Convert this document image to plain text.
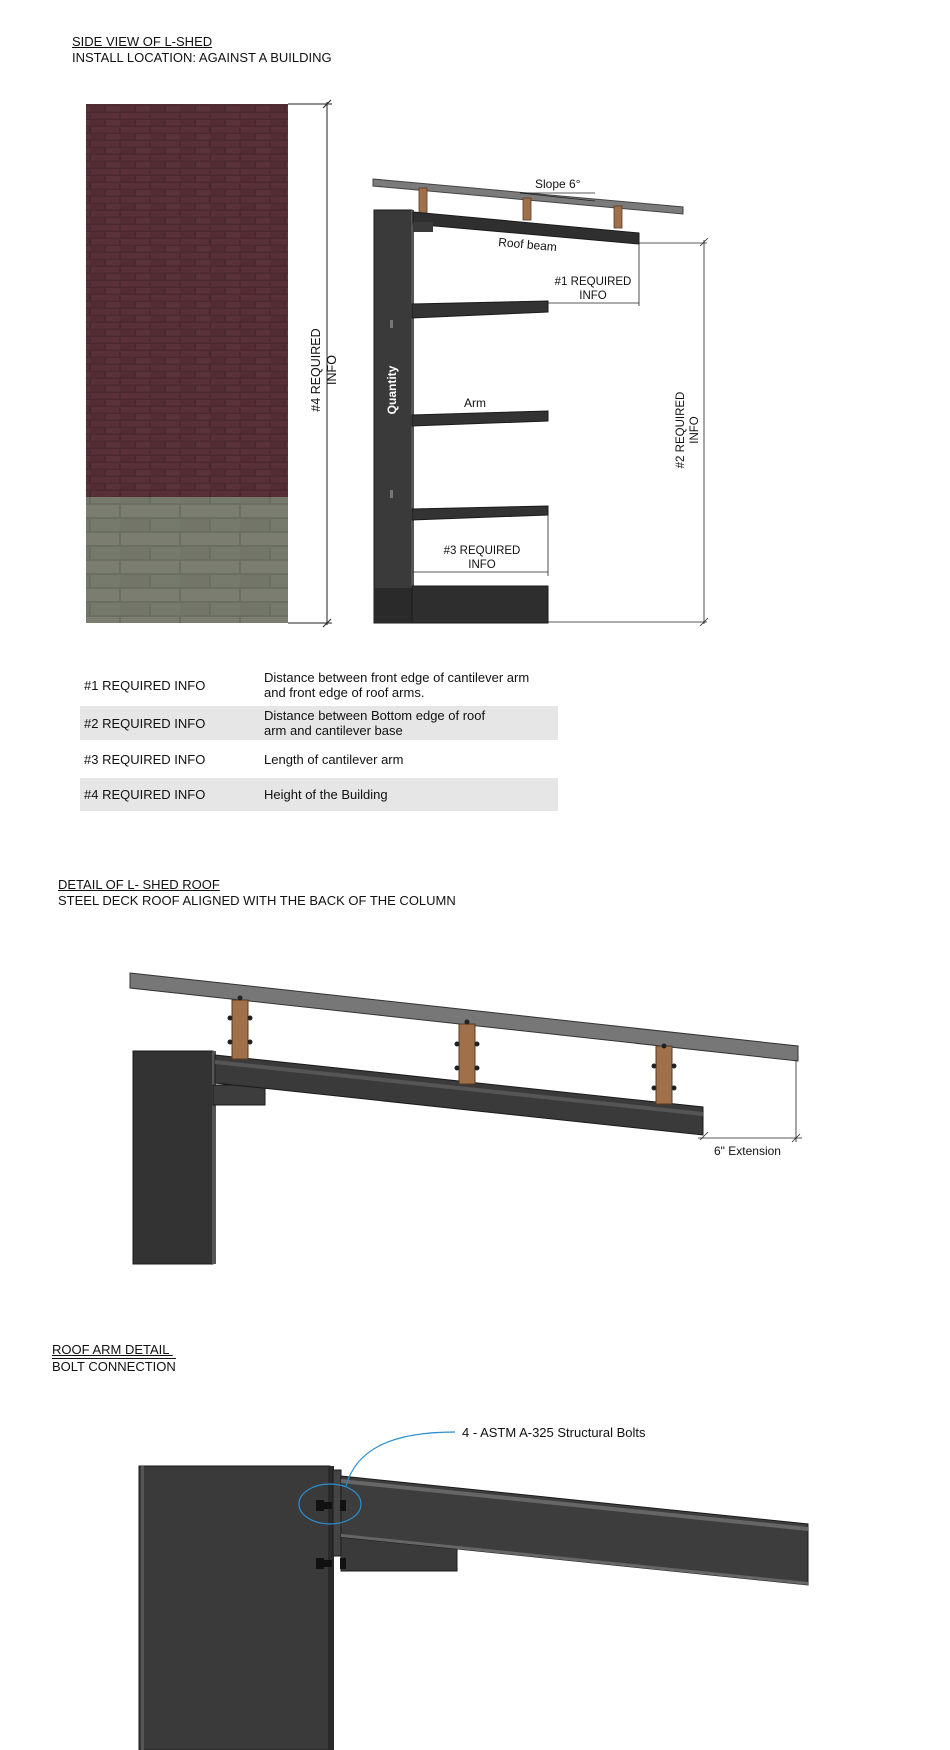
SIDE VIEW OF L-SHED
INSTALL LOCATION: AGAINST A BUILDING
Slope 6°
Roof beam
#1 REQUIRED
INFO
Quantity	Arm	#2 REQUIRED INFO
#3 REQUIRED
INFO
#4 REQUIRED INFO
6" Extension
4 - ASTM A-325 Structural Bolts
#1 REQUIRED INFO	Distance between front edge of cantilever arm
and front edge of roof arms.

#2 REQUIRED INFO	Distance between Bottom edge of roof
arm and cantilever base

#3 REQUIRED INFO	Length of cantilever arm
#4 REQUIRED INFO	Height of the Building
DETAIL OF L- SHED ROOF
STEEL DECK ROOF ALIGNED WITH THE BACK OF THE COLUMN
ROOF ARM DETAIL
BOLT CONNECTION
